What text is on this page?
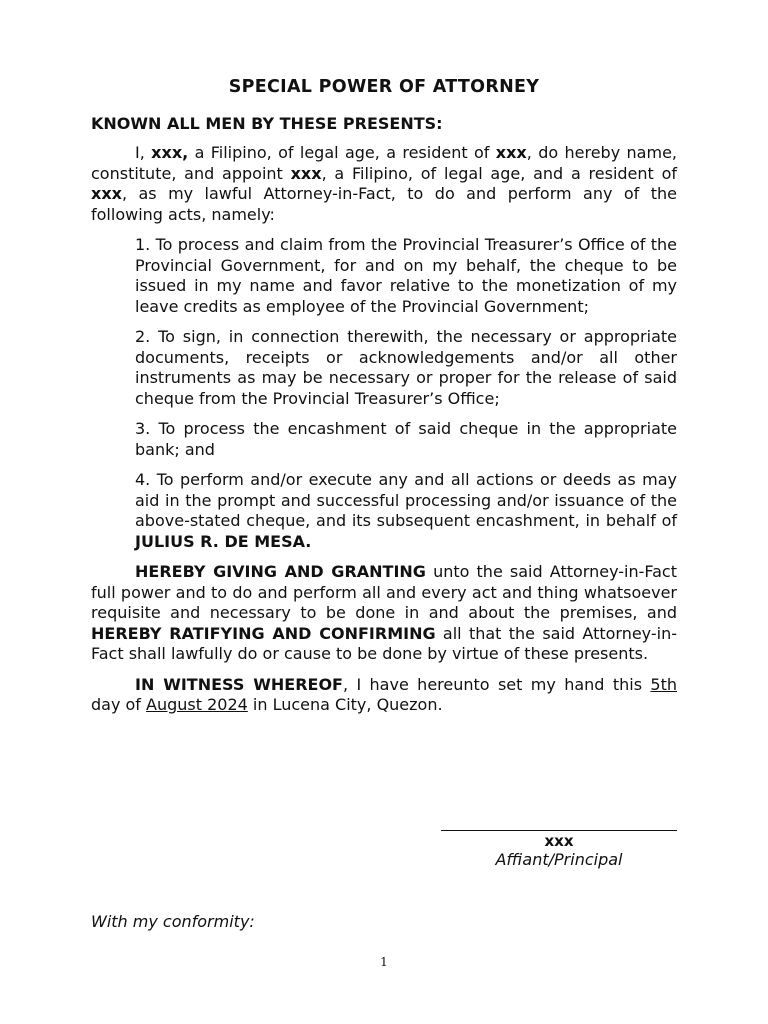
SPECIAL POWER OF ATTORNEY
KNOWN ALL MEN BY THESE PRESENTS:

I, xxx, a Filipino, of legal age, a resident of xxx, do hereby name, constitute, and appoint xxx, a Filipino, of legal age, and a resident of xxx, as my lawful Attorney-in-Fact, to do and perform any of the following acts, namely:

1. To process and claim from the Provincial Treasurer’s Office of the Provincial Government, for and on my behalf, the cheque to be issued in my name and favor relative to the monetization of my leave credits as employee of the Provincial Government;

2. To sign, in connection therewith, the necessary or appropriate documents, receipts or acknowledgements and/or all other instruments as may be necessary or proper for the release of said cheque from the Provincial Treasurer’s Office;

3. To process the encashment of said cheque in the appropriate bank; and

4. To perform and/or execute any and all actions or deeds as may aid in the prompt and successful processing and/or issuance of the above-stated cheque, and its subsequent encashment, in behalf of JULIUS R. DE MESA.

HEREBY GIVING AND GRANTING unto the said Attorney-in-Fact full power and to do and perform all and every act and thing whatsoever requisite and necessary to be done in and about the premises, and HEREBY RATIFYING AND CONFIRMING all that the said Attorney-in-Fact shall lawfully do or cause to be done by virtue of these presents.

IN WITNESS WHEREOF, I have hereunto set my hand this 5th day of August 2024 in Lucena City, Quezon.

xxx
Affiant/Principal
With my conformity:
1
